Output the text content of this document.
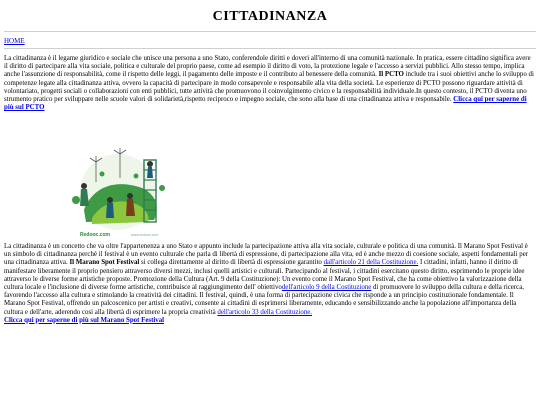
CITTADINANZA
HOME

La cittadinanza è il legame giuridico e sociale che unisce una persona a uno Stato, conferendole diritti e doveri all'interno di una comunità nazionale. In pratica, essere cittadino significa avere il diritto di partecipare alla vita sociale, politica e culturale del proprio paese, come ad esempio il diritto di voto, la protezione legale e l'accesso a servizi pubblici. Allo stesso tempo, implica anche l'assunzione di responsabilità, come il rispetto delle leggi, il pagamento delle imposte e il contributo al benessere della comunità. Il PCTO include tra i suoi obiettivi anche lo sviluppo di competenze legate alla cittadinanza attiva, ovvero la capacità di partecipare in modo consapevole e responsabile alla vita della società. Le esperienze di PCTO possono riguardare attività di volontariato, progetti sociali o collaborazioni con enti pubblici, tutte attività che promuovono il coinvolgimento civico e la responsabilità individuale.In questo contesto, il PCTO diventa uno strumento pratico per sviluppare nelle scuole valori di solidarietà,rispetto reciproco e impegno sociale, che sono alla base di una cittadinanza attiva e responsabile. Clicca qui per saperne di più sul PCTO

Redooc.com	www.redooc.com

La cittadinanza è un concetto che va oltre l'appartenenza a uno Stato e appunto include la partecipazione attiva alla vita sociale, culturale e politica di una comunità. Il Marano Spot Festival è un simbolo di cittadinanza perché il festival è un evento culturale che parla di libertà di espressione, di partecipazione alla vita, ed è anche mezzo di coesione sociale, aspetti fondamentali per una cittadinanza attiva. Il Marano Spot Festival si collega direttamente al diritto di libertà di espressione garantito dall'articolo 21 della Costituzione. I cittadini, infatti, hanno il diritto di manifestare liberamente il proprio pensiero attraverso diversi mezzi, inclusi quelli artistici e culturali. Partecipando al festival, i cittadini esercitano questo diritto, esprimendo le proprie idee attraverso le diverse forme artistiche proposte. Promozione della Cultura (Art. 9 della Costituzione): Un evento come il Marano Spot Festival, che ha come obiettivo la valorizzazione della cultura locale e l'inclusione di diverse forme artistiche, contribuisce al raggiungimento dell' obiettivodell'articolo 9 della Costituzione di promuovere lo sviluppo della cultura e della ricerca, favorendo l'accesso alla cultura e stimolando la creatività dei cittadini. Il festival, quindi, è una forma di partecipazione civica che risponde a un principio costituzionale fondamentale. Il Marano Spot Festival, offrendo un palcoscenico per artisti e creativi, consente ai cittadini di esprimersi liberamente, educando e sensibilizzando anche la popolazione all'importanza della cultura e dell'arte, aderendo così alla libertà di esprimere la propria creatività dell'articolo 33 della Costituzione.
Clicca qui per saperne di più sul Marano Spot Festival
